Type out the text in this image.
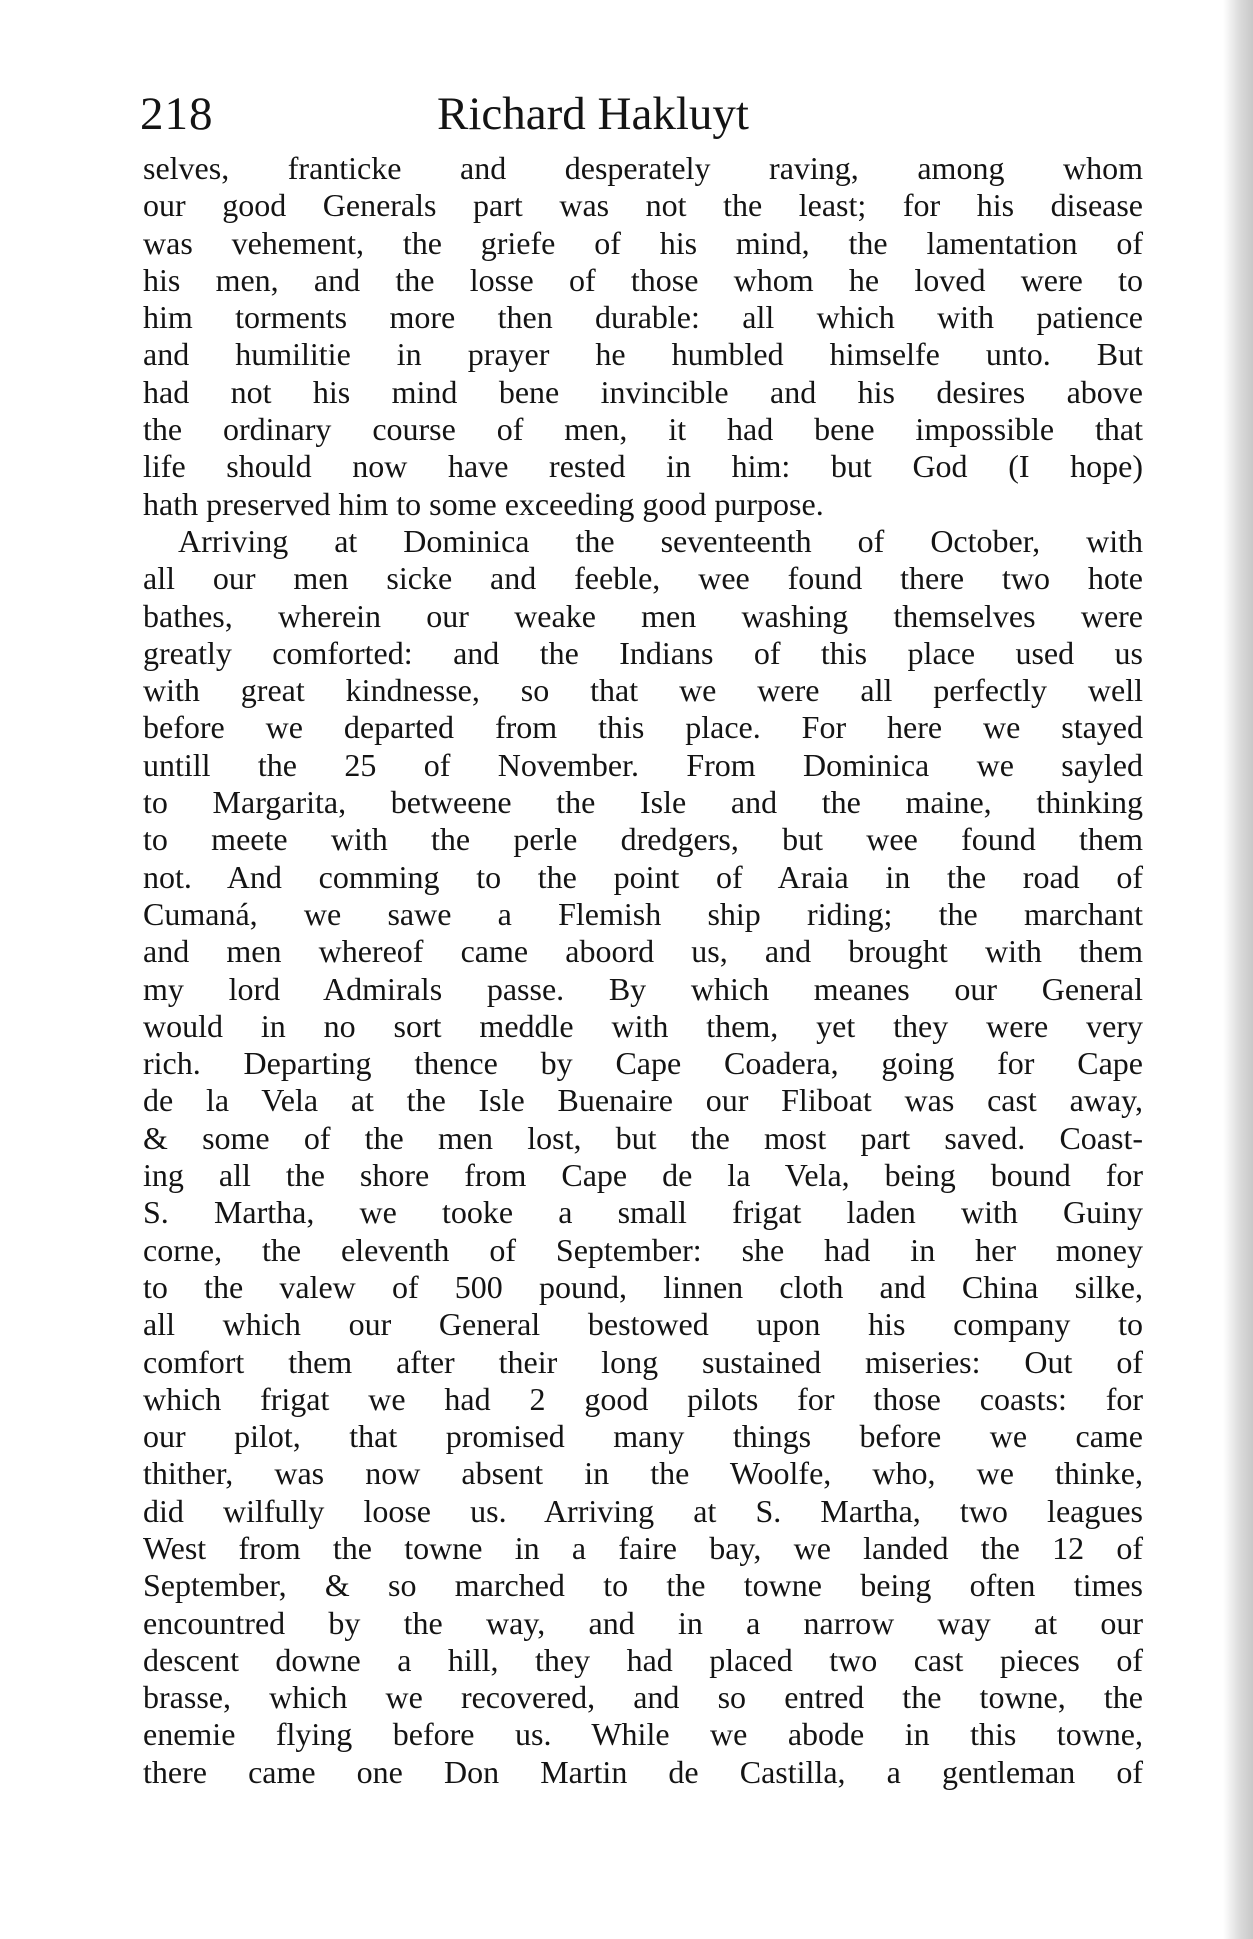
218	Richard Hakluyt
selves, franticke and desperately raving, among whom
our good Generals part was not the least; for his disease
was vehement, the griefe of his mind, the lamentation of
his men, and the losse of those whom he loved were to
him torments more then durable: all which with patience
and humilitie in prayer he humbled himselfe unto. But
had not his mind bene invincible and his desires above
the ordinary course of men, it had bene impossible that
life should now have rested in him: but God (I hope)
hath preserved him to some exceeding good purpose.
Arriving at Dominica the seventeenth of October, with
all our men sicke and feeble, wee found there two hote
bathes, wherein our weake men washing themselves were
greatly comforted: and the Indians of this place used us
with great kindnesse, so that we were all perfectly well
before we departed from this place. For here we stayed
untill the 25 of November. From Dominica we sayled
to Margarita, betweene the Isle and the maine, thinking
to meete with the perle dredgers, but wee found them
not. And comming to the point of Araia in the road of
Cumaná, we sawe a Flemish ship riding; the marchant
and men whereof came aboord us, and brought with them
my lord Admirals passe. By which meanes our General
would in no sort meddle with them, yet they were very
rich. Departing thence by Cape Coadera, going for Cape
de la Vela at the Isle Buenaire our Fliboat was cast away,
& some of the men lost, but the most part saved. Coast-
ing all the shore from Cape de la Vela, being bound for
S. Martha, we tooke a small frigat laden with Guiny
corne, the eleventh of September: she had in her money
to the valew of 500 pound, linnen cloth and China silke,
all which our General bestowed upon his company to
comfort them after their long sustained miseries: Out of
which frigat we had 2 good pilots for those coasts: for
our pilot, that promised many things before we came
thither, was now absent in the Woolfe, who, we thinke,
did wilfully loose us. Arriving at S. Martha, two leagues
West from the towne in a faire bay, we landed the 12 of
September, & so marched to the towne being often times
encountred by the way, and in a narrow way at our
descent downe a hill, they had placed two cast pieces of
brasse, which we recovered, and so entred the towne, the
enemie flying before us. While we abode in this towne,
there came one Don Martin de Castilla, a gentleman of
